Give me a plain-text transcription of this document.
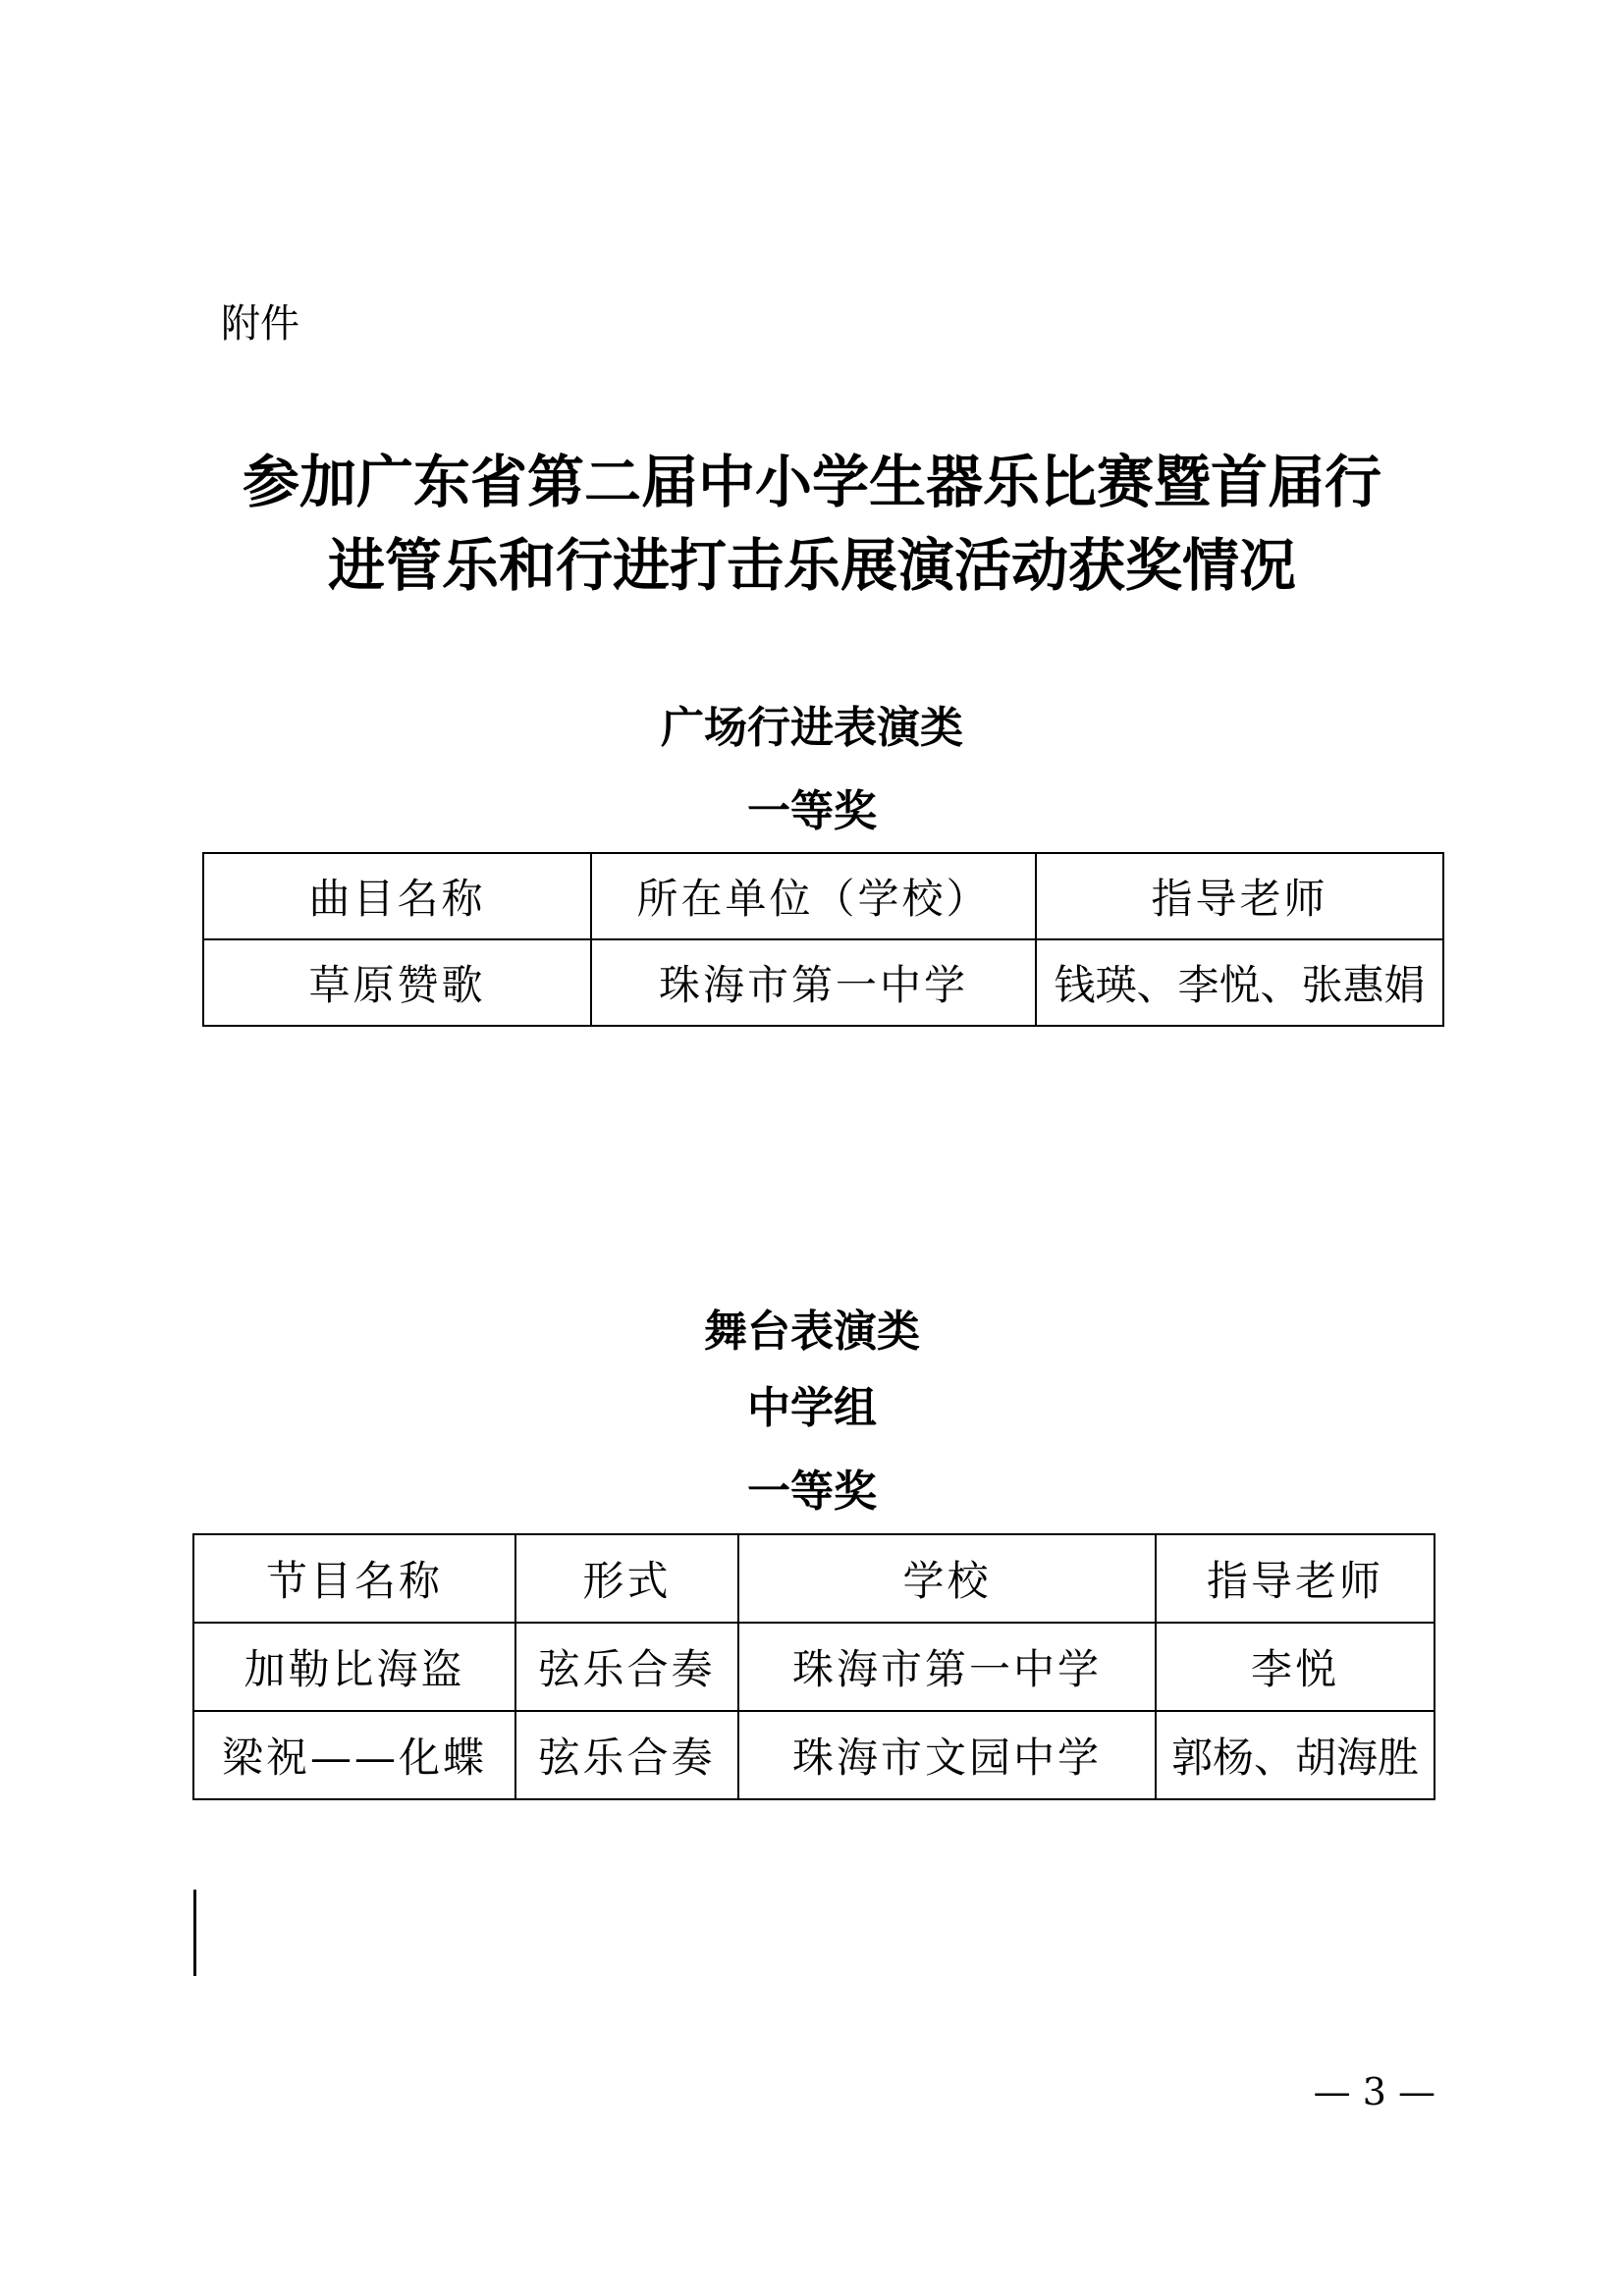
附件
参加广东省第二届中小学生器乐比赛暨首届行
进管乐和行进打击乐展演活动获奖情况
广场行进表演类
一等奖
曲目名称	所在单位（学校）	指导老师
草原赞歌	珠海市第一中学	钱瑛、李悦、张惠娟
舞台表演类
中学组
一等奖
节目名称	形式	学校	指导老师
加勒比海盗	弦乐合奏	珠海市第一中学	李悦
梁祝——化蝶	弦乐合奏	珠海市文园中学	郭杨、胡海胜
— 3 —
